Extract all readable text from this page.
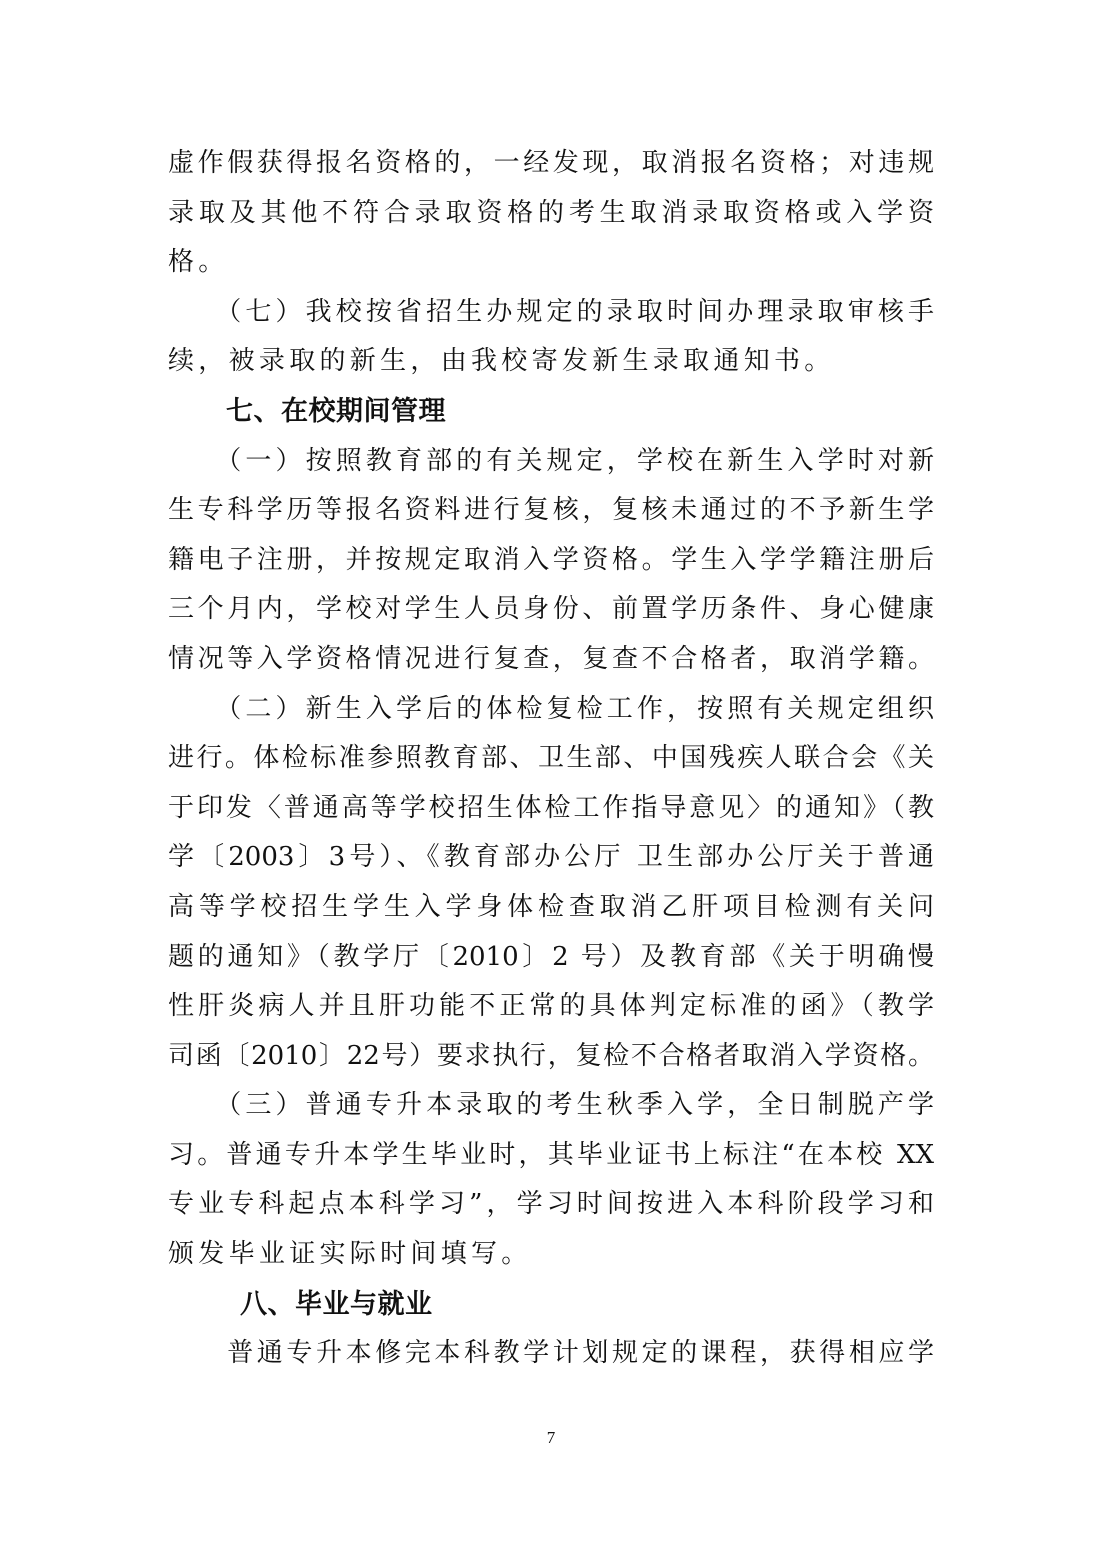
虚作假获得报名资格的，一经发现，取消报名资格；对违规
录取及其他不符合录取资格的考生取消录取资格或入学资
格。
　　（七）我校按省招生办规定的录取时间办理录取审核手
续，被录取的新生，由我校寄发新生录取通知书。
七、在校期间管理
　　（一）按照教育部的有关规定，学校在新生入学时对新
生专科学历等报名资料进行复核，复核未通过的不予新生学
籍电子注册，并按规定取消入学资格。学生入学学籍注册后
三个月内，学校对学生人员身份、前置学历条件、身心健康
情况等入学资格情况进行复查，复查不合格者，取消学籍。
　　（二）新生入学后的体检复检工作，按照有关规定组织
进行。体检标准参照教育部、卫生部、中国残疾人联合会《关
于印发〈普通高等学校招生体检工作指导意见〉的通知》（教
学〔2003〕3号）、《教育部办公厅 卫生部办公厅关于普通
高等学校招生学生入学身体检查取消乙肝项目检测有关问
题的通知》（教学厅〔2010〕2 号）及教育部《关于明确慢
性肝炎病人并且肝功能不正常的具体判定标准的函》（教学
司函〔2010〕22号）要求执行，复检不合格者取消入学资格。
　　（三）普通专升本录取的考生秋季入学，全日制脱产学
习。普通专升本学生毕业时，其毕业证书上标注“在本校 XX
专业专科起点本科学习”，学习时间按进入本科阶段学习和
颁发毕业证实际时间填写。
八、毕业与就业
　　普通专升本修完本科教学计划规定的课程，获得相应学
7
